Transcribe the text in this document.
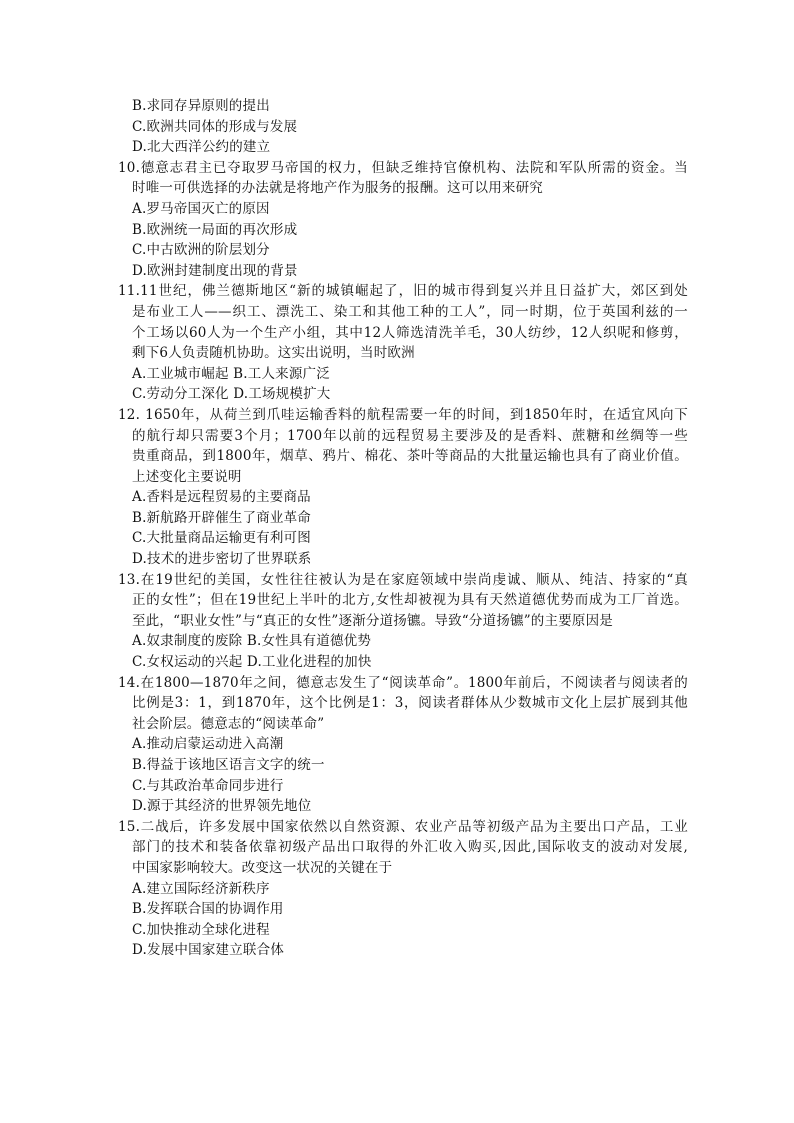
B.求同存异原则的提出
C.欧洲共同体的形成与发展
D.北大西洋公约的建立
10.德意志君主已夺取罗马帝国的权力，但缺乏维持官僚机构、法院和军队所需的资金。当
时唯一可供选择的办法就是将地产作为服务的报酬。这可以用来研究
A.罗马帝国灭亡的原因
B.欧洲统一局面的再次形成
C.中古欧洲的阶层划分
D.欧洲封建制度出现的背景
11.11世纪，佛兰德斯地区“新的城镇崛起了，旧的城市得到复兴并且日益扩大，郊区到处
是布业工人——织工、漂洗工、染工和其他工种的工人”，同一时期，位于英国利兹的一
个工场以60人为一个生产小组，其中12人筛选清洗羊毛，30人纺纱，12人织呢和修剪，
剩下6人负责随机协助。这实出说明，当时欧洲
A.工业城市崛起 B.工人来源广泛
C.劳动分工深化 D.工场规模扩大
12. 1650年，从荷兰到爪哇运输香料的航程需要一年的时间，到1850年时，在适宜风向下
的航行却只需要3个月；1700年以前的远程贸易主要涉及的是香料、蔗糖和丝绸等一些
贵重商品，到1800年，烟草、鸦片、棉花、茶叶等商品的大批量运输也具有了商业价值。
上述变化主要说明
A.香料是远程贸易的主要商品
B.新航路开辟催生了商业革命
C.大批量商品运输更有利可图
D.技术的进步密切了世界联系
13.在19世纪的美国，女性往往被认为是在家庭领域中崇尚虔诚、顺从、纯洁、持家的“真
正的女性”；但在19世纪上半叶的北方,女性却被视为具有天然道德优势而成为工厂首选。
至此，“职业女性”与“真正的女性”逐渐分道扬镳。导致“分道扬镳”的主要原因是
A.奴隶制度的废除 B.女性具有道德优势
C.女权运动的兴起 D.工业化进程的加快
14.在1800—1870年之间，德意志发生了“阅读革命”。1800年前后，不阅读者与阅读者的
比例是3：1，到1870年，这个比例是1：3，阅读者群体从少数城市文化上层扩展到其他
社会阶层。德意志的“阅读革命”
A.推动启蒙运动进入高潮
B.得益于该地区语言文字的统一
C.与其政治革命同步进行
D.源于其经济的世界领先地位
15.二战后，许多发展中国家依然以自然资源、农业产品等初级产品为主要出口产品，工业
部门的技术和装备依靠初级产品出口取得的外汇收入购买,因此,国际收支的波动对发展,
中国家影响较大。改变这一状况的关键在于
A.建立国际经济新秩序
B.发挥联合国的协调作用
C.加快推动全球化进程
D.发展中国家建立联合体
